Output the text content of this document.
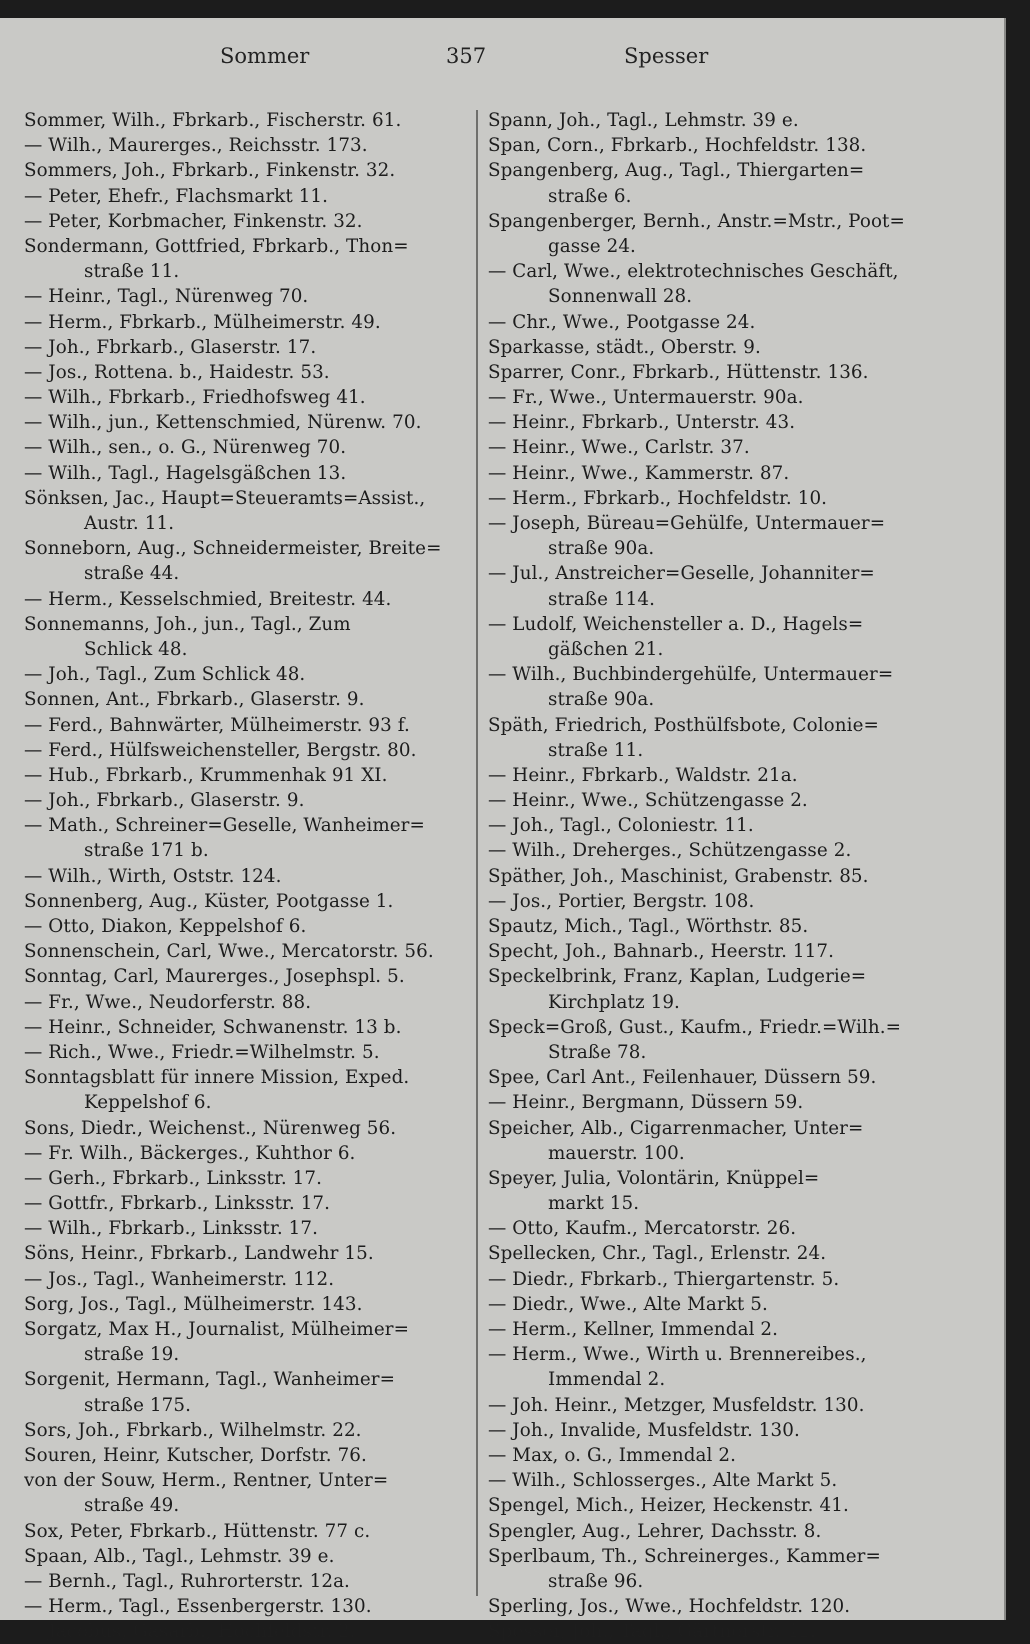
Sommer	357	Spesser
Sommer, Wilh., Fbrkarb., Fischerstr. 61.
— Wilh., Maurerges., Reichsstr. 173.
Sommers, Joh., Fbrkarb., Finkenstr. 32.
— Peter, Ehefr., Flachsmarkt 11.
— Peter, Korbmacher, Finkenstr. 32.
Sondermann, Gottfried, Fbrkarb., Thon=
straße 11.
— Heinr., Tagl., Nürenweg 70.
— Herm., Fbrkarb., Mülheimerstr. 49.
— Joh., Fbrkarb., Glaserstr. 17.
— Jos., Rottena. b., Haidestr. 53.
— Wilh., Fbrkarb., Friedhofsweg 41.
— Wilh., jun., Kettenschmied, Nürenw. 70.
— Wilh., sen., o. G., Nürenweg 70.
— Wilh., Tagl., Hagelsgäßchen 13.
Sönksen, Jac., Haupt=Steueramts=Assist.,
Austr. 11.
Sonneborn, Aug., Schneidermeister, Breite=
straße 44.
— Herm., Kesselschmied, Breitestr. 44.
Sonnemanns, Joh., jun., Tagl., Zum
Schlick 48.
— Joh., Tagl., Zum Schlick 48.
Sonnen, Ant., Fbrkarb., Glaserstr. 9.
— Ferd., Bahnwärter, Mülheimerstr. 93 f.
— Ferd., Hülfsweichensteller, Bergstr. 80.
— Hub., Fbrkarb., Krummenhak 91 XI.
— Joh., Fbrkarb., Glaserstr. 9.
— Math., Schreiner=Geselle, Wanheimer=
straße 171 b.
— Wilh., Wirth, Oststr. 124.
Sonnenberg, Aug., Küster, Pootgasse 1.
— Otto, Diakon, Keppelshof 6.
Sonnenschein, Carl, Wwe., Mercatorstr. 56.
Sonntag, Carl, Maurerges., Josephspl. 5.
— Fr., Wwe., Neudorferstr. 88.
— Heinr., Schneider, Schwanenstr. 13 b.
— Rich., Wwe., Friedr.=Wilhelmstr. 5.
Sonntagsblatt für innere Mission, Exped.
Keppelshof 6.
Sons, Diedr., Weichenst., Nürenweg 56.
— Fr. Wilh., Bäckerges., Kuhthor 6.
— Gerh., Fbrkarb., Linksstr. 17.
— Gottfr., Fbrkarb., Linksstr. 17.
— Wilh., Fbrkarb., Linksstr. 17.
Söns, Heinr., Fbrkarb., Landwehr 15.
— Jos., Tagl., Wanheimerstr. 112.
Sorg, Jos., Tagl., Mülheimerstr. 143.
Sorgatz, Max H., Journalist, Mülheimer=
straße 19.
Sorgenit, Hermann, Tagl., Wanheimer=
straße 175.
Sors, Joh., Fbrkarb., Wilhelmstr. 22.
Souren, Heinr, Kutscher, Dorfstr. 76.
von der Souw, Herm., Rentner, Unter=
straße 49.
Sox, Peter, Fbrkarb., Hüttenstr. 77 c.
Spaan, Alb., Tagl., Lehmstr. 39 e.
— Bernh., Tagl., Ruhrorterstr. 12a.
— Herm., Tagl., Essenbergerstr. 130.
— Jacobus, Gasarb., Hochfeldstr. 2.
Spann, Joh., Tagl., Lehmstr. 39 e.
Span, Corn., Fbrkarb., Hochfeldstr. 138.
Spangenberg, Aug., Tagl., Thiergarten=
straße 6.
Spangenberger, Bernh., Anstr.=Mstr., Poot=
gasse 24.
— Carl, Wwe., elektrotechnisches Geschäft,
Sonnenwall 28.
— Chr., Wwe., Pootgasse 24.
Sparkasse, städt., Oberstr. 9.
Sparrer, Conr., Fbrkarb., Hüttenstr. 136.
— Fr., Wwe., Untermauerstr. 90a.
— Heinr., Fbrkarb., Unterstr. 43.
— Heinr., Wwe., Carlstr. 37.
— Heinr., Wwe., Kammerstr. 87.
— Herm., Fbrkarb., Hochfeldstr. 10.
— Joseph, Büreau=Gehülfe, Untermauer=
straße 90a.
— Jul., Anstreicher=Geselle, Johanniter=
straße 114.
— Ludolf, Weichensteller a. D., Hagels=
gäßchen 21.
— Wilh., Buchbindergehülfe, Untermauer=
straße 90a.
Späth, Friedrich, Posthülfsbote, Colonie=
straße 11.
— Heinr., Fbrkarb., Waldstr. 21a.
— Heinr., Wwe., Schützengasse 2.
— Joh., Tagl., Coloniestr. 11.
— Wilh., Dreherges., Schützengasse 2.
Späther, Joh., Maschinist, Grabenstr. 85.
— Jos., Portier, Bergstr. 108.
Spautz, Mich., Tagl., Wörthstr. 85.
Specht, Joh., Bahnarb., Heerstr. 117.
Speckelbrink, Franz, Kaplan, Ludgerie=
Kirchplatz 19.
Speck=Groß, Gust., Kaufm., Friedr.=Wilh.=
Straße 78.
Spee, Carl Ant., Feilenhauer, Düssern 59.
— Heinr., Bergmann, Düssern 59.
Speicher, Alb., Cigarrenmacher, Unter=
mauerstr. 100.
Speyer, Julia, Volontärin, Knüppel=
markt 15.
— Otto, Kaufm., Mercatorstr. 26.
Spellecken, Chr., Tagl., Erlenstr. 24.
— Diedr., Fbrkarb., Thiergartenstr. 5.
— Diedr., Wwe., Alte Markt 5.
— Herm., Kellner, Immendal 2.
— Herm., Wwe., Wirth u. Brennereibes.,
Immendal 2.
— Joh. Heinr., Metzger, Musfeldstr. 130.
— Joh., Invalide, Musfeldstr. 130.
— Max, o. G., Immendal 2.
— Wilh., Schlosserges., Alte Markt 5.
Spengel, Mich., Heizer, Heckenstr. 41.
Spengler, Aug., Lehrer, Dachsstr. 8.
Sperlbaum, Th., Schreinerges., Kammer=
straße 96.
Sperling, Jos., Wwe., Hochfeldstr. 120.
Spesser, Joh., Tagl., Gärtnerstr. 41.
